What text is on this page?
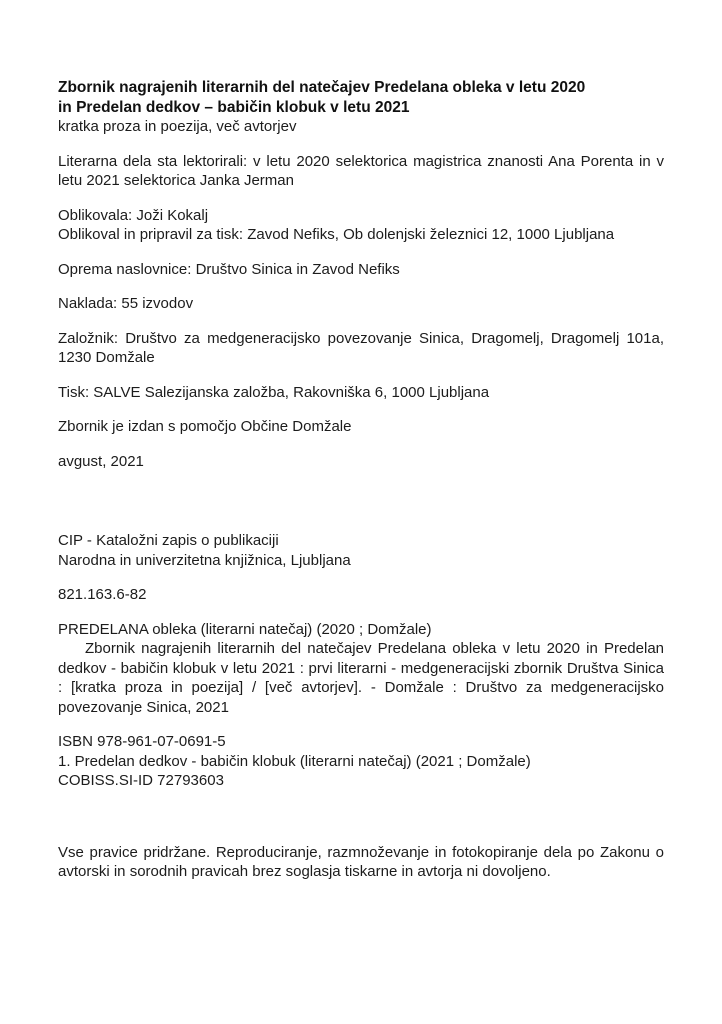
Zbornik nagrajenih literarnih del natečajev Predelana obleka v letu 2020

in Predelan dedkov – babičin klobuk v letu 2021

kratka proza in poezija, več avtorjev

Literarna dela sta lektorirali: v letu 2020 selektorica magistrica znanosti Ana Porenta in v letu 2021 selektorica Janka Jerman

Oblikovala: Joži Kokalj

Oblikoval in pripravil za tisk: Zavod Nefiks, Ob dolenjski železnici 12, 1000 Ljubljana

Oprema naslovnice: Društvo Sinica in Zavod Nefiks

Naklada: 55 izvodov

Založnik: Društvo za medgeneracijsko povezovanje Sinica, Dragomelj, Dragomelj 101a, 1230 Domžale

Tisk: SALVE Salezijanska založba, Rakovniška 6, 1000 Ljubljana

Zbornik je izdan s pomočjo Občine Domžale

avgust, 2021

CIP - Kataložni zapis o publikaciji

Narodna in univerzitetna knjižnica, Ljubljana

821.163.6-82

PREDELANA obleka (literarni natečaj) (2020 ; Domžale)

Zbornik nagrajenih literarnih del natečajev Predelana obleka v letu 2020 in Predelan dedkov - babičin klobuk v letu 2021 : prvi literarni - medgeneracijski zbornik Društva Sinica : [kratka proza in poezija] / [več avtorjev]. - Domžale : Društvo za medgeneracijsko povezovanje Sinica, 2021

ISBN 978-961-07-0691-5

1. Predelan dedkov - babičin klobuk (literarni natečaj) (2021 ; Domžale)

COBISS.SI-ID 72793603

Vse pravice pridržane. Reproduciranje, razmnoževanje in fotokopiranje dela po Zakonu o avtorski in sorodnih pravicah brez soglasja tiskarne in avtorja ni dovoljeno.
